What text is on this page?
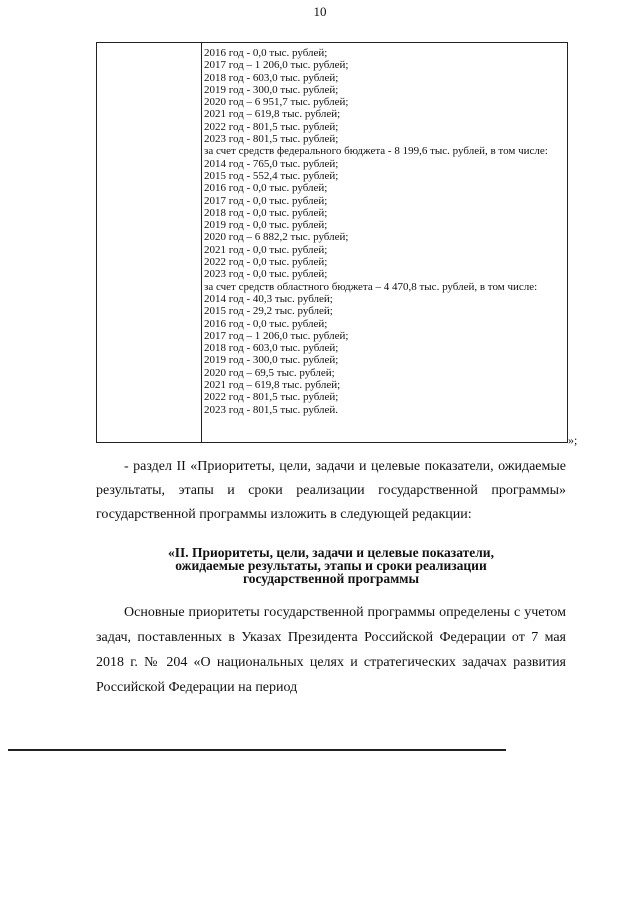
10
2016 год - 0,0 тыс. рублей;
2017 год – 1 206,0 тыс. рублей;
2018 год - 603,0 тыс. рублей;
2019 год - 300,0 тыс. рублей;
2020 год – 6 951,7 тыс. рублей;
2021 год – 619,8 тыс. рублей;
2022 год - 801,5 тыс. рублей;
2023 год - 801,5 тыс. рублей;
за счет средств федерального бюджета - 8 199,6 тыс. рублей, в том числе:
2014 год - 765,0 тыс. рублей;
2015 год - 552,4 тыс. рублей;
2016 год - 0,0 тыс. рублей;
2017 год - 0,0 тыс. рублей;
2018 год - 0,0 тыс. рублей;
2019 год - 0,0 тыс. рублей;
2020 год – 6 882,2 тыс. рублей;
2021 год - 0,0 тыс. рублей;
2022 год - 0,0 тыс. рублей;
2023 год - 0,0 тыс. рублей;
за счет средств областного бюджета – 4 470,8 тыс. рублей, в том числе:
2014 год - 40,3 тыс. рублей;
2015 год - 29,2 тыс. рублей;
2016 год - 0,0 тыс. рублей;
2017 год – 1 206,0 тыс. рублей;
2018 год - 603,0 тыс. рублей;
2019 год - 300,0 тыс. рублей;
2020 год – 69,5 тыс. рублей;
2021 год – 619,8 тыс. рублей;
2022 год - 801,5 тыс. рублей;
2023 год - 801,5 тыс. рублей.
»;
- раздел II «Приоритеты, цели, задачи и целевые показатели, ожидаемые результаты, этапы и сроки реализации государственной программы» государственной программы изложить в следующей редакции:
«II. Приоритеты, цели, задачи и целевые показатели,
ожидаемые результаты, этапы и сроки реализации
государственной программы
Основные приоритеты государственной программы определены с учетом задач, поставленных в Указах Президента Российской Федерации от 7 мая 2018 г. № 204 «О национальных целях и стратегических задачах развития Российской Федерации на период
